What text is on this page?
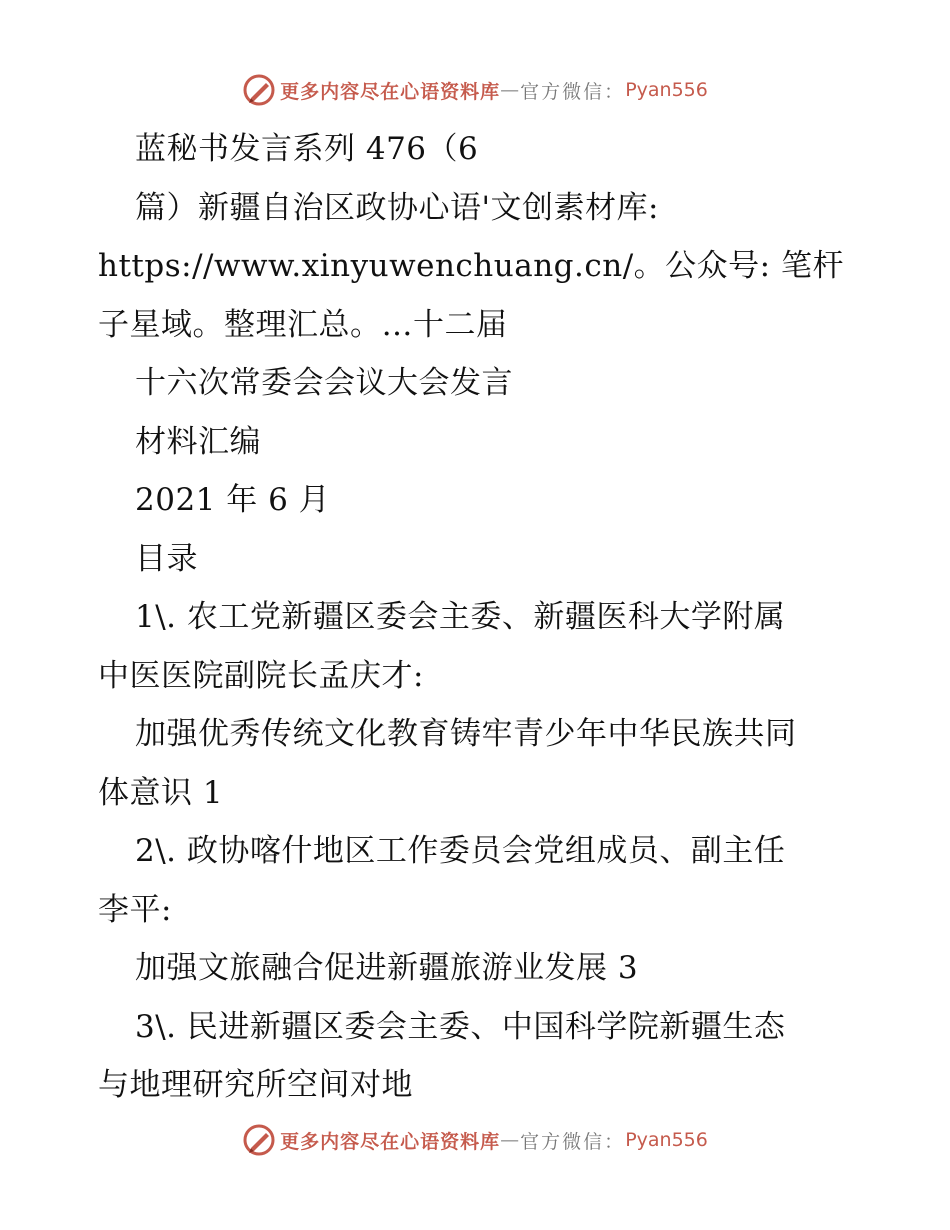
更多内容尽在心语资料库 — 官方微信： Pyan556

蓝秘书发言系列 476（6

篇）新疆自治区政协心语'文创素材库:

https://www.xinyuwenchuang.cn/。公众号: 笔杆

子星域。整理汇总。…十二届

十六次常委会会议大会发言

材料汇编

2021 年 6 月

目录

1\. 农工党新疆区委会主委、新疆医科大学附属

中医医院副院长孟庆才:

加强优秀传统文化教育铸牢青少年中华民族共同

体意识 1

2\. 政协喀什地区工作委员会党组成员、副主任

李平:

加强文旅融合促进新疆旅游业发展 3

3\. 民进新疆区委会主委、中国科学院新疆生态

与地理研究所空间对地

更多内容尽在心语资料库 — 官方微信： Pyan556
